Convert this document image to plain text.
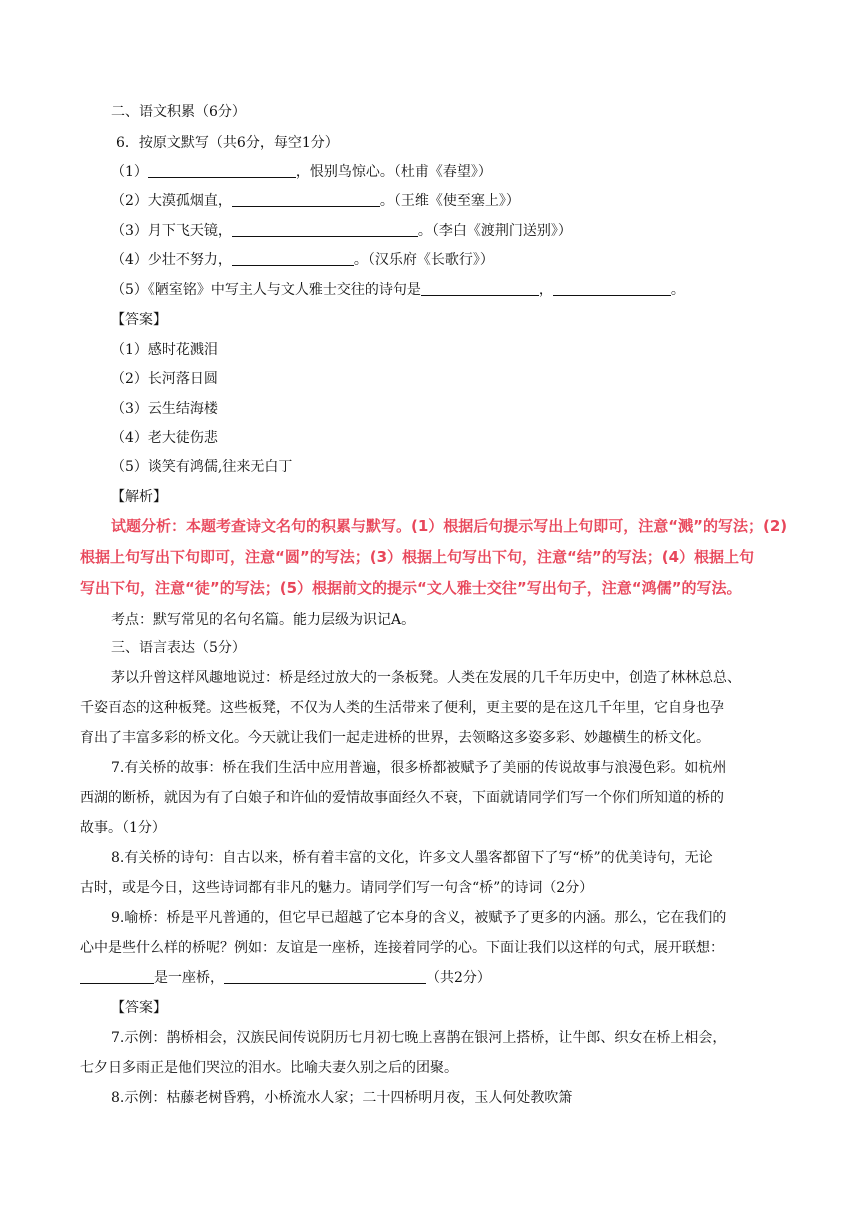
二、语文积累（6分）
6．按原文默写（共6分，每空1分）
（1）	，恨别鸟惊心。（杜甫《春望》）
（2）大漠孤烟直，	。（王维《使至塞上》）
（3）月下飞天镜，	。（李白《渡荆门送别》）
（4）少壮不努力，	。（汉乐府《长歌行》）
（5）《陋室铭》中写主人与文人雅士交往的诗句是	，	。
【答案】
（1）感时花溅泪
（2）长河落日圆
（3）云生结海楼
（4）老大徒伤悲
（5）谈笑有鸿儒,往来无白丁
【解析】
试题分析：本题考查诗文名句的积累与默写。(1）根据后句提示写出上句即可，注意“溅”的写法；(2)
根据上句写出下句即可，注意“圆”的写法；(3）根据上句写出下句，注意“结”的写法；(4）根据上句
写出下句，注意“徒”的写法；(5）根据前文的提示“文人雅士交往”写出句子，注意“鸿儒”的写法。
考点：默写常见的名句名篇。能力层级为识记A。
三、语言表达（5分）
茅以升曾这样风趣地说过：桥是经过放大的一条板凳。人类在发展的几千年历史中，创造了林林总总、
千姿百态的这种板凳。这些板凳，不仅为人类的生活带来了便利，更主要的是在这几千年里，它自身也孕
育出了丰富多彩的桥文化。今天就让我们一起走进桥的世界，去领略这多姿多彩、妙趣横生的桥文化。
7.有关桥的故事：桥在我们生活中应用普遍，很多桥都被赋予了美丽的传说故事与浪漫色彩。如杭州
西湖的断桥，就因为有了白娘子和许仙的爱情故事面经久不衰，下面就请同学们写一个你们所知道的桥的
故事。（1分）
8.有关桥的诗句：自古以来，桥有着丰富的文化，许多文人墨客都留下了写“桥”的优美诗句，无论
古时，或是今日，这些诗词都有非凡的魅力。请同学们写一句含“桥”的诗词（2分）
9.喻桥：桥是平凡普通的，但它早已超越了它本身的含义，被赋予了更多的内涵。那么，它在我们的
心中是些什么样的桥呢？例如：友谊是一座桥，连接着同学的心。下面让我们以这样的句式，展开联想：
是一座桥，	（共2分）
【答案】
7.示例：鹊桥相会，汉族民间传说阴历七月初七晚上喜鹊在银河上搭桥，让牛郎、织女在桥上相会，
七夕日多雨正是他们哭泣的泪水。比喻夫妻久别之后的团聚。
8.示例：枯藤老树昏鸦，小桥流水人家；二十四桥明月夜，玉人何处教吹箫
